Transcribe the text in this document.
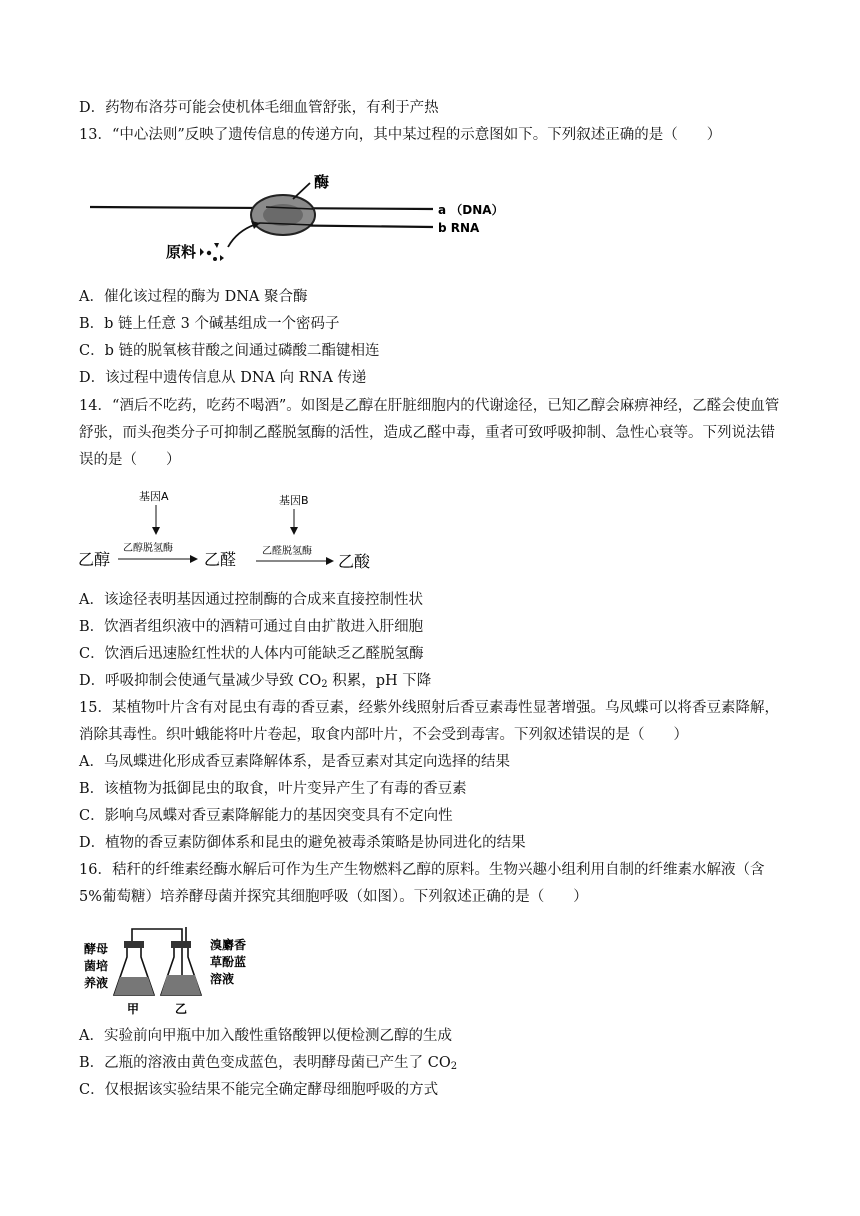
D．药物布洛芬可能会使机体毛细血管舒张，有利于产热
13．“中心法则”反映了遗传信息的传递方向，其中某过程的示意图如下。下列叙述正确的是（　　）
酶
a （DNA）
b RNA
原料
A．催化该过程的酶为 DNA 聚合酶
B．b 链上任意 3 个碱基组成一个密码子
C．b 链的脱氧核苷酸之间通过磷酸二酯键相连
D．该过程中遗传信息从 DNA 向 RNA 传递
14．“酒后不吃药，吃药不喝酒”。如图是乙醇在肝脏细胞内的代谢途径，已知乙醇会麻痹神经，乙醛会使血管
舒张，而头孢类分子可抑制乙醛脱氢酶的活性，造成乙醛中毒，重者可致呼吸抑制、急性心衰等。下列说法错
误的是（　　）
基因A	基因B
乙醇
乙醇脱氢酶
乙醛	乙醛脱氢酶
乙酸
A．该途径表明基因通过控制酶的合成来直接控制性状
B．饮酒者组织液中的酒精可通过自由扩散进入肝细胞
C．饮酒后迅速脸红性状的人体内可能缺乏乙醛脱氢酶
D．呼吸抑制会使通气量减少导致 $CO_2$ 积累，pH 下降
15．某植物叶片含有对昆虫有毒的香豆素，经紫外线照射后香豆素毒性显著增强。乌凤蝶可以将香豆素降解，
消除其毒性。织叶蛾能将叶片卷起，取食内部叶片，不会受到毒害。下列叙述错误的是（　　）
A．乌凤蝶进化形成香豆素降解体系，是香豆素对其定向选择的结果
B．该植物为抵御昆虫的取食，叶片变异产生了有毒的香豆素
C．影响乌凤蝶对香豆素降解能力的基因突变具有不定向性
D．植物的香豆素防御体系和昆虫的避免被毒杀策略是协同进化的结果
16．秸秆的纤维素经酶水解后可作为生产生物燃料乙醇的原料。生物兴趣小组利用自制的纤维素水解液（含
5%葡萄糖）培养酵母菌并探究其细胞呼吸（如图）。下列叙述正确的是（　　）
酵母
菌培
养液
溴麝香
草酚蓝
溶液
甲	乙
A．实验前向甲瓶中加入酸性重铬酸钾以便检测乙醇的生成
B．乙瓶的溶液由黄色变成蓝色，表明酵母菌已产生了 $CO_2$
C．仅根据该实验结果不能完全确定酵母细胞呼吸的方式
